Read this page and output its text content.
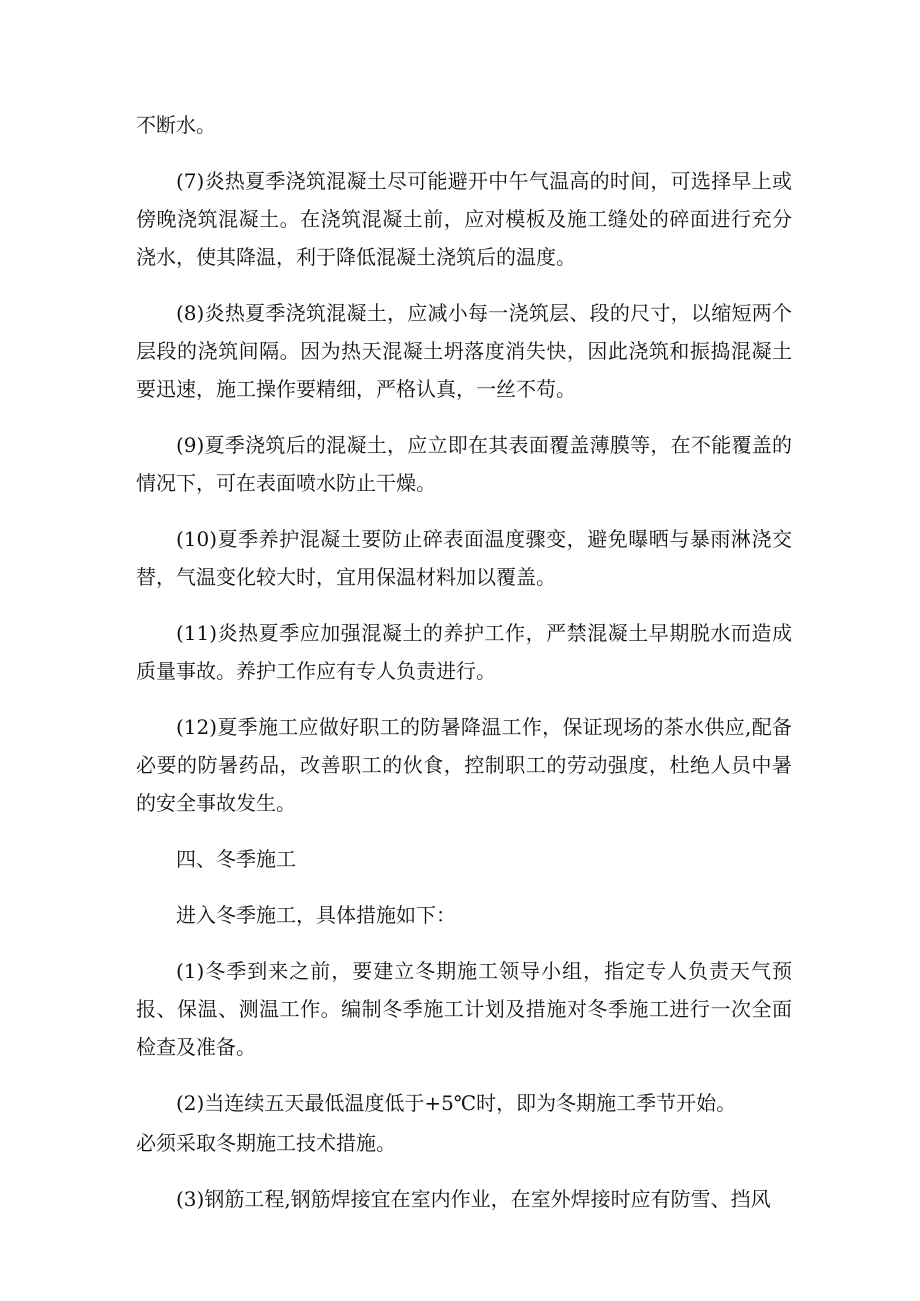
不断水。

(7)炎热夏季浇筑混凝土尽可能避开中午气温高的时间，可选择早上或傍晚浇筑混凝土。在浇筑混凝土前，应对模板及施工缝处的碎面进行充分浇水，使其降温，利于降低混凝土浇筑后的温度。

(8)炎热夏季浇筑混凝土，应减小每一浇筑层、段的尺寸，以缩短两个层段的浇筑间隔。因为热天混凝土坍落度消失快，因此浇筑和振捣混凝土要迅速，施工操作要精细，严格认真，一丝不苟。

(9)夏季浇筑后的混凝土，应立即在其表面覆盖薄膜等，在不能覆盖的情况下，可在表面喷水防止干燥。

(10)夏季养护混凝土要防止碎表面温度骤变，避免曝晒与暴雨淋浇交替，气温变化较大时，宜用保温材料加以覆盖。

(11)炎热夏季应加强混凝土的养护工作，严禁混凝土早期脱水而造成质量事故。养护工作应有专人负责进行。

(12)夏季施工应做好职工的防暑降温工作，保证现场的茶水供应,配备必要的防暑药品，改善职工的伙食，控制职工的劳动强度，杜绝人员中暑的安全事故发生。

四、冬季施工

进入冬季施工，具体措施如下：

(1)冬季到来之前，要建立冬期施工领导小组，指定专人负责天气预报、保温、测温工作。编制冬季施工计划及措施对冬季施工进行一次全面检查及准备。

(2)当连续五天最低温度低于+5℃时，即为冬期施工季节开始。

必须采取冬期施工技术措施。

(3)钢筋工程,钢筋焊接宜在室内作业，在室外焊接时应有防雪、挡风
